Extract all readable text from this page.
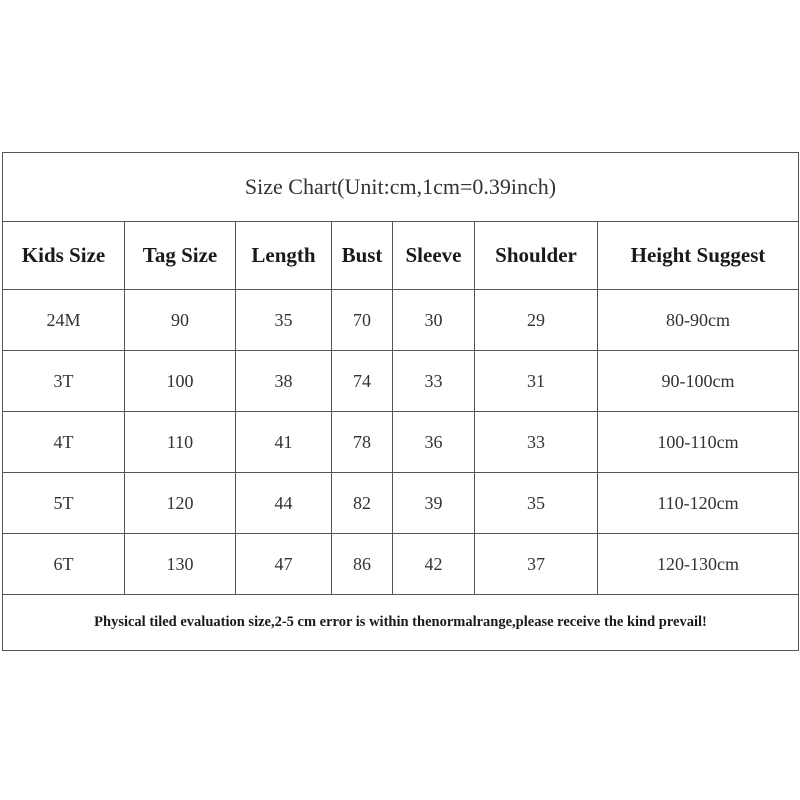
Size Chart(Unit:cm,1cm=0.39inch)						
Kids Size	Tag Size	Length	Bust	Sleeve	Shoulder	Height Suggest
24M	90	35	70	30	29	80-90cm
3T	100	38	74	33	31	90-100cm
4T	110	41	78	36	33	100-110cm
5T	120	44	82	39	35	110-120cm
6T	130	47	86	42	37	120-130cm
Physical tiled evaluation size,2-5 cm error is within thenormalrange,please receive the kind prevail!						
